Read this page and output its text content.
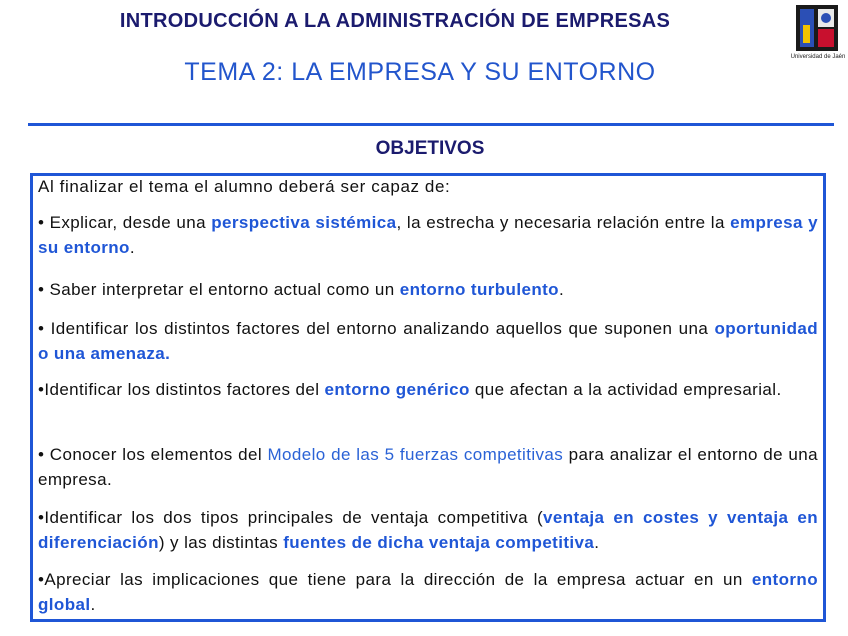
INTRODUCCIÓN A LA ADMINISTRACIÓN DE EMPRESAS
TEMA 2: LA EMPRESA Y SU ENTORNO
Universidad de Jaén
OBJETIVOS
Al finalizar el tema el alumno deberá ser capaz de:
• Explicar, desde una perspectiva sistémica, la estrecha y necesaria relación entre la empresa y su entorno.
• Saber interpretar el entorno actual como un entorno turbulento.
• Identificar los distintos factores del entorno analizando aquellos que suponen una oportunidad o una amenaza.
•Identificar los distintos factores del entorno genérico que afectan a la actividad empresarial.
• Conocer los elementos del Modelo de las 5 fuerzas competitivas para analizar el entorno de una empresa.
•Identificar los dos tipos principales de ventaja competitiva (ventaja en costes y ventaja en diferenciación) y las distintas fuentes de dicha ventaja competitiva.
•Apreciar las implicaciones que tiene para la dirección de la empresa actuar en un entorno global.
